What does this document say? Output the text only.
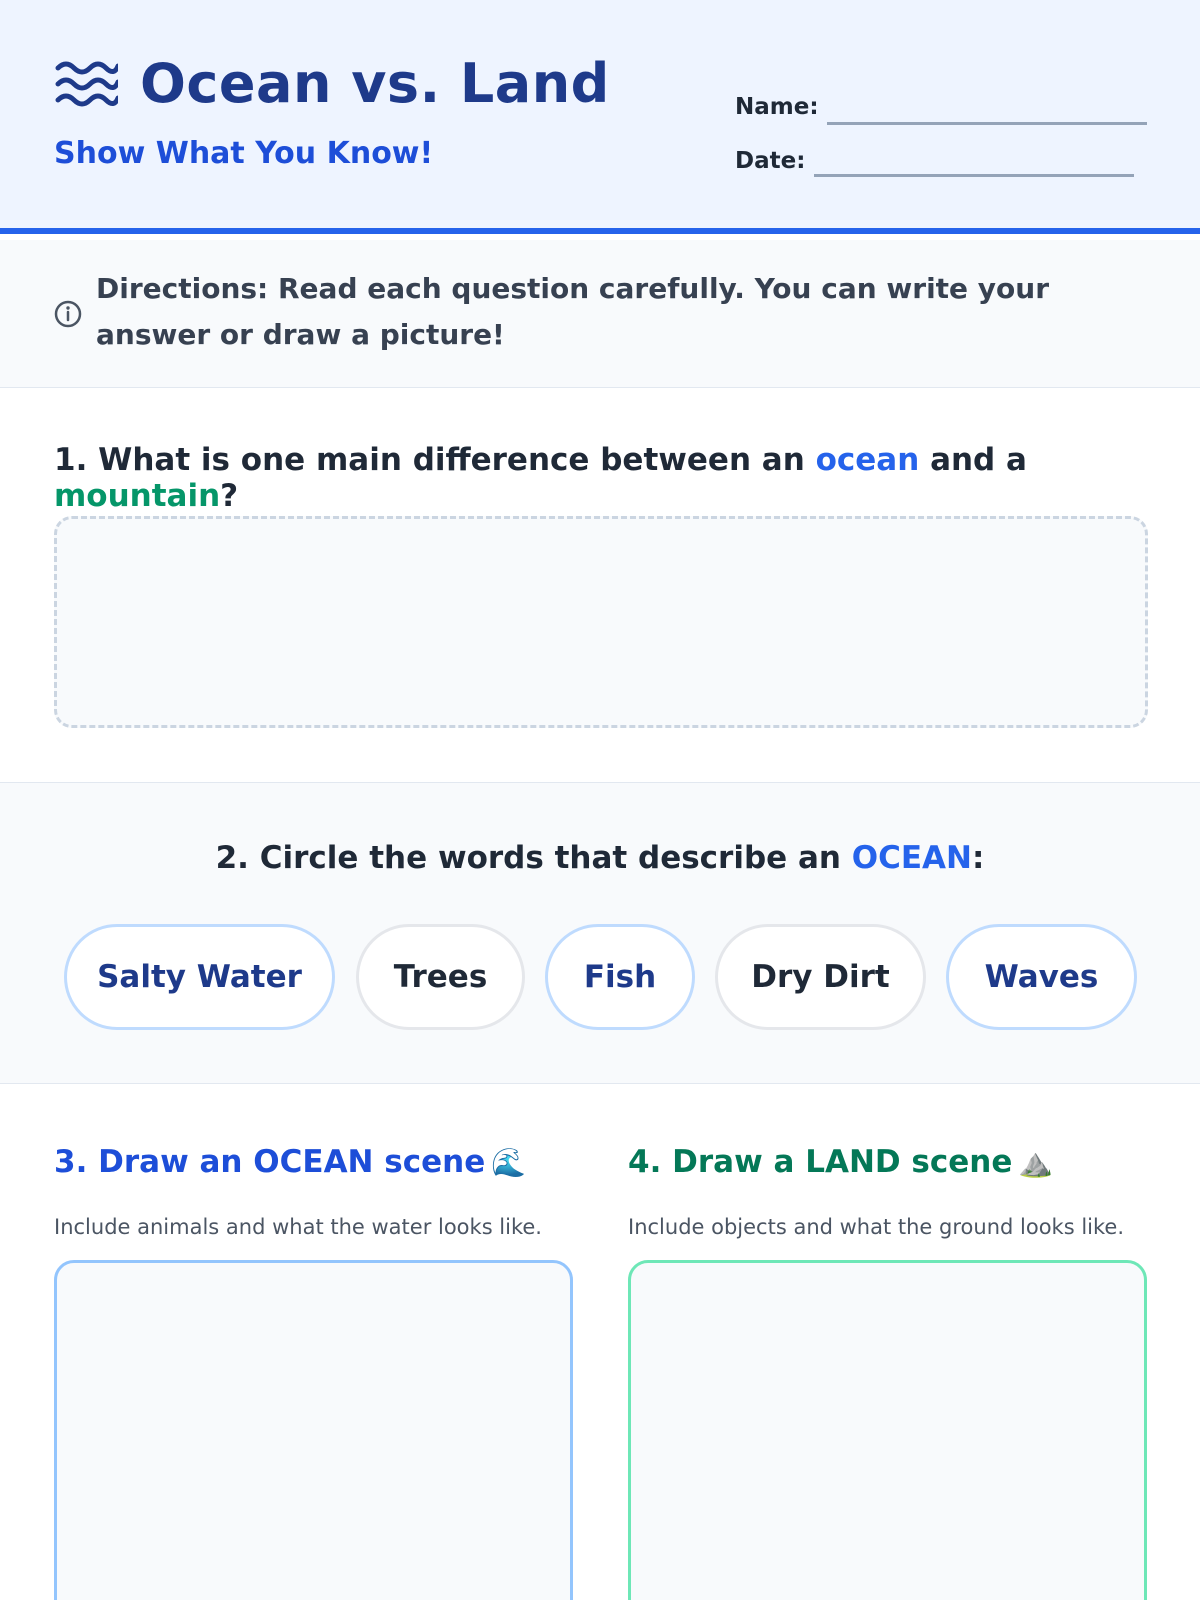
Ocean vs. Land
Show What You Know!
Name:
Date:
Directions: Read each question carefully. You can write your answer or draw a picture!
1. What is one main difference between an ocean and a mountain?
2. Circle the words that describe an OCEAN:
Salty Water	Trees	Fish	Dry Dirt	Waves
3. Draw an OCEAN scene 🌊
Include animals and what the water looks like.
4. Draw a LAND scene ⛰️
Include objects and what the ground looks like.
